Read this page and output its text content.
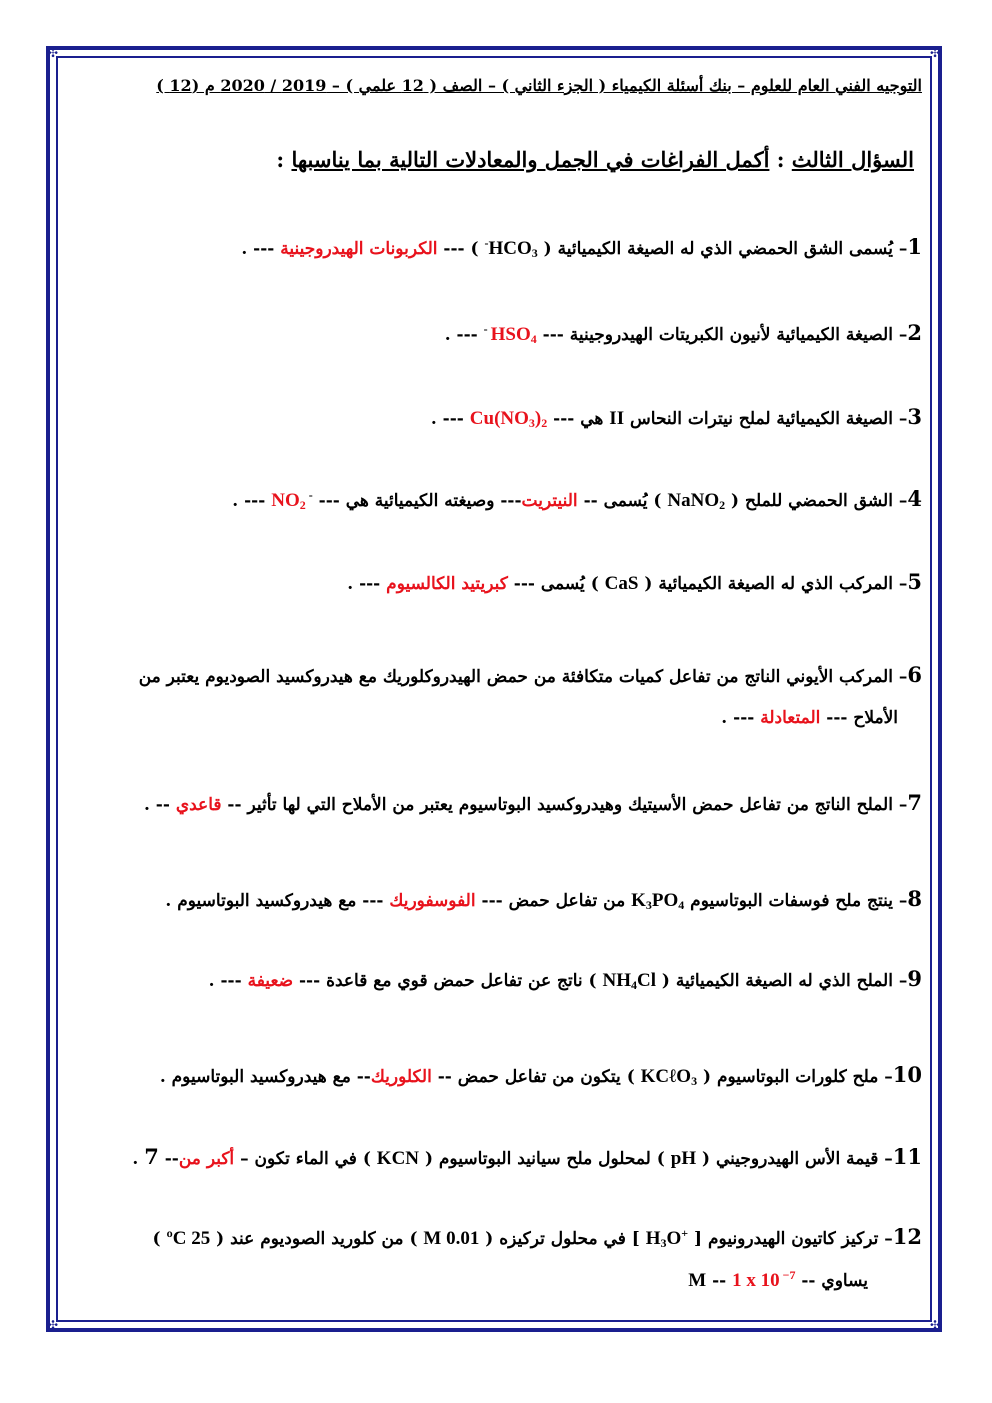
✣	✣
✣	✣
التوجيه الفني العام للعلوم – بنك أسئلة الكيمياء ( الجزء الثاني ) – الصف ( 12 علمي ) – 2019 / 2020 م (12 )
السؤال الثالث : أكمل الفراغات في الجمل والمعادلات التالية بما يناسبها :
1– يُسمى الشق الحمضي الذي له الصيغة الكيميائية ( $HCO_3^-$ ) --- الكربونات الهيدروجينية --- .
2– الصيغة الكيميائية لأنيون الكبريتات الهيدروجينية --- $HSO_4$ - --- .
3– الصيغة الكيميائية لملح نيترات النحاس II هي --- $Cu(NO_3)_2$ --- .
4– الشق الحمضي للملح ( NaNO$_2$ ) يُسمى -- النيتريت--- وصيغته الكيميائية هي --- $NO_2$ - --- .
5– المركب الذي له الصيغة الكيميائية ( CaS ) يُسمى --- كبريتيد الكالسيوم --- .
6– المركب الأيوني الناتج من تفاعل كميات متكافئة من حمض الهيدروكلوريك مع هيدروكسيد الصوديوم يعتبر من
الأملاح --- المتعادلة --- .
7– الملح الناتج من تفاعل حمض الأسيتيك وهيدروكسيد البوتاسيوم يعتبر من الأملاح التي لها تأثير -- قاعدي -- .
8– ينتج ملح فوسفات البوتاسيوم $K_3PO_4$ من تفاعل حمض --- الفوسفوريك --- مع هيدروكسيد البوتاسيوم .
9– الملح الذي له الصيغة الكيميائية ( $NH_4Cl$ ) ناتج عن تفاعل حمض قوي مع قاعدة --- ضعيفة --- .
10– ملح كلورات البوتاسيوم ( KCℓO$_3$ ) يتكون من تفاعل حمض -- الكلوريك-- مع هيدروكسيد البوتاسيوم .
11– قيمة الأس الهيدروجيني ( pH ) لمحلول ملح سيانيد البوتاسيوم ( KCN ) في الماء تكون – أكبر من-- 7 .
12– تركيز كاتيون الهيدرونيوم [ $H_3O^+$ ] في محلول تركيزه ( 0.01 M ) من كلوريد الصوديوم عند ( 25 ºC )
يساوي -- 1 x 10 $^{-7}$ -- M
